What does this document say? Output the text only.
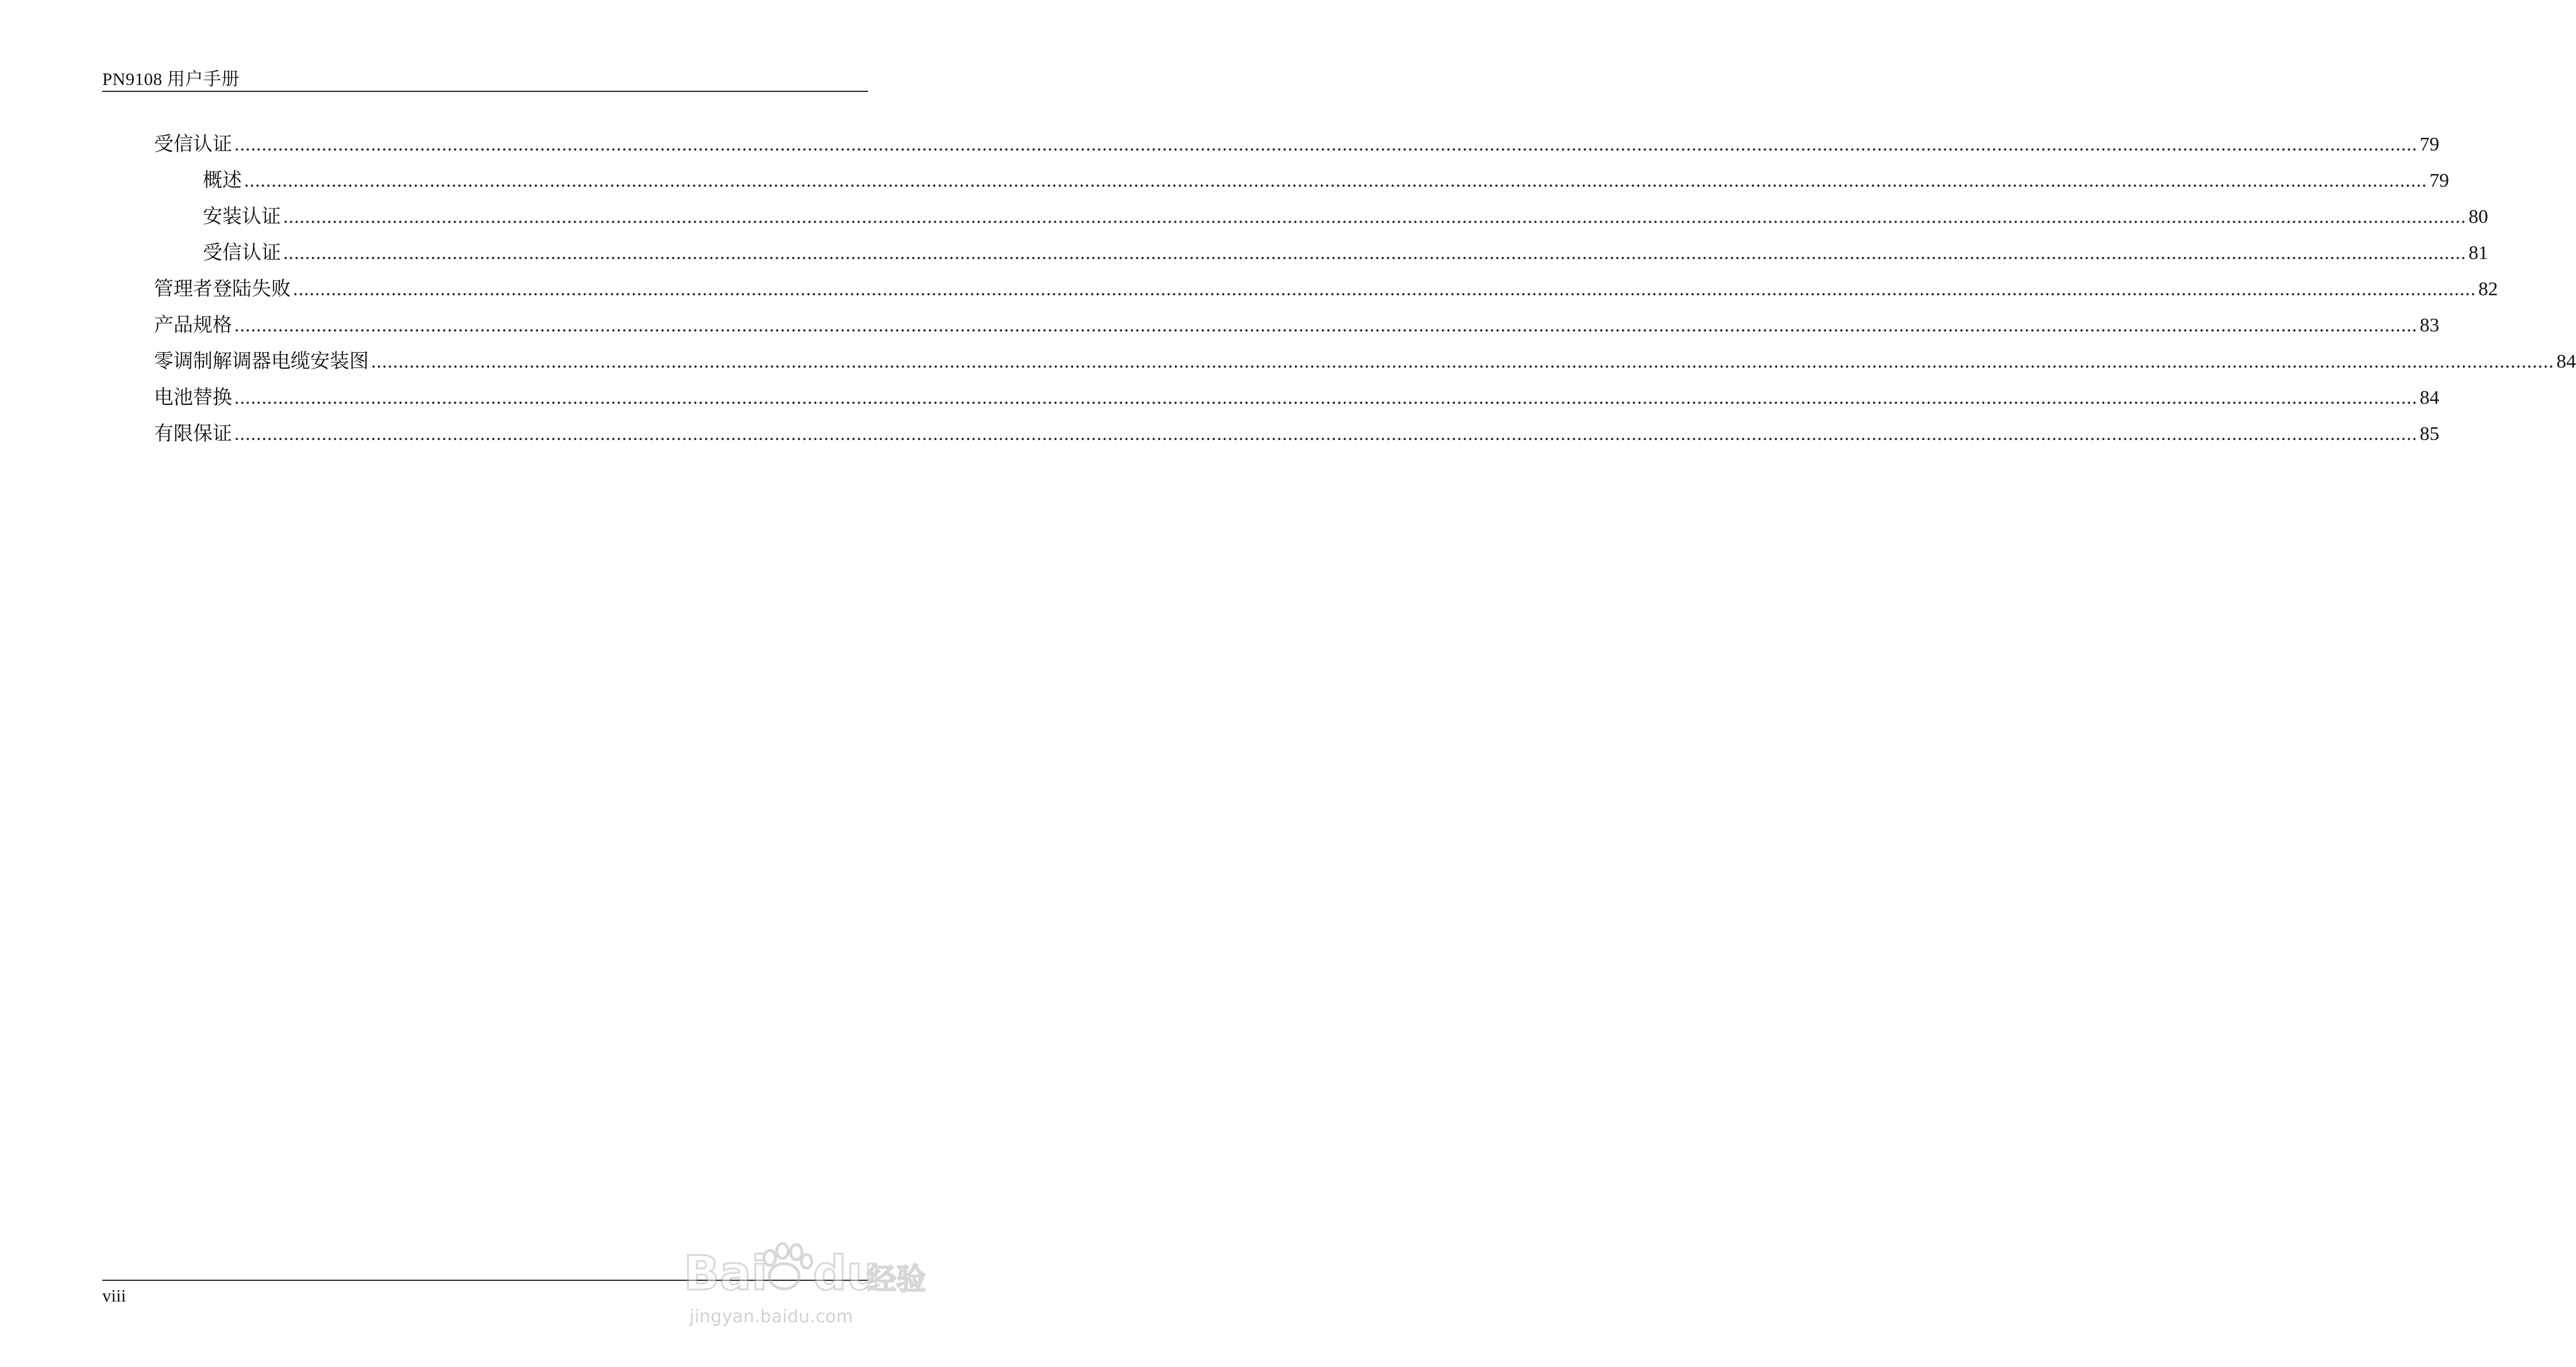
PN9108 用户手册
受信认证 ................................................................................................................................................................................................................................................................................................................................................................................................................ 79
概述 ................................................................................................................................................................................................................................................................................................................................................................................................................ 79
安装认证 ................................................................................................................................................................................................................................................................................................................................................................................................................ 80
受信认证 ................................................................................................................................................................................................................................................................................................................................................................................................................ 81
管理者登陆失败 ................................................................................................................................................................................................................................................................................................................................................................................................................ 82
产品规格 ................................................................................................................................................................................................................................................................................................................................................................................................................ 83
零调制解调器电缆安装图 ................................................................................................................................................................................................................................................................................................................................................................................................................ 84
电池替换 ................................................................................................................................................................................................................................................................................................................................................................................................................ 84
有限保证 ................................................................................................................................................................................................................................................................................................................................................................................................................ 85
viii	Bai du
经验
jingyan.baidu.com
